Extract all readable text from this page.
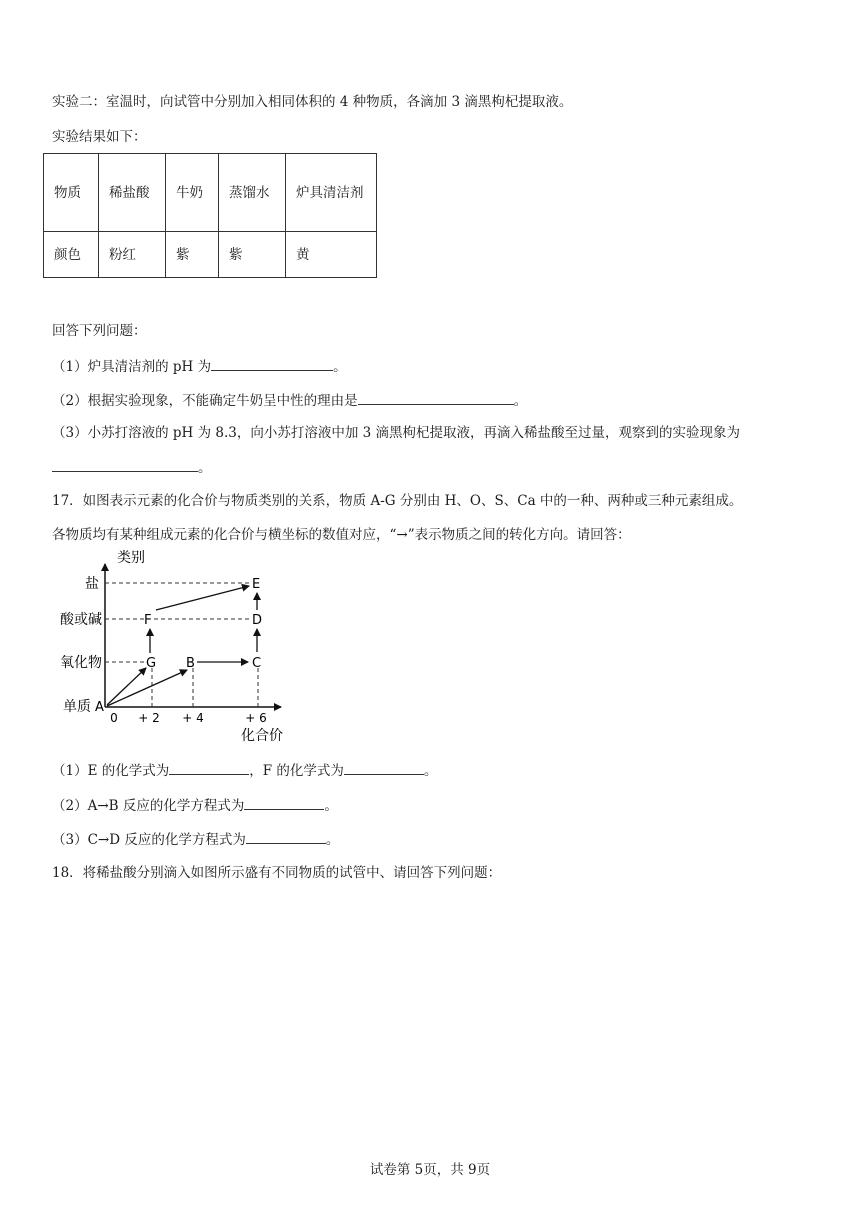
实验二：室温时，向试管中分别加入相同体积的 4 种物质，各滴加 3 滴黑枸杞提取液。
实验结果如下：
物质	稀盐酸	牛奶	蒸馏水	炉具清洁剂
颜色	粉红	紫	紫	黄
回答下列问题：
（1）炉具清洁剂的 pH 为	。
（2）根据实验现象，不能确定牛奶呈中性的理由是	。
（3）小苏打溶液的 pH 为 8.3，向小苏打溶液中加 3 滴黑枸杞提取液，再滴入稀盐酸至过量，观察到的实验现象为
。
17．如图表示元素的化合价与物质类别的关系，物质 A-G 分别由 H、O、S、Ca 中的一种、两种或三种元素组成。
各物质均有某种组成元素的化合价与横坐标的数值对应，“→”表示物质之间的转化方向。请回答：
类别
化合价
盐
酸或碱
氧化物
单质
0 + 2 + 4	+ 6
A
B	C
D
E
F
G
（1）E 的化学式为	，F 的化学式为	。
（2）A→B 反应的化学方程式为	。
（3）C→D 反应的化学方程式为	。
18．将稀盐酸分别滴入如图所示盛有不同物质的试管中、请回答下列问题：
试卷第 5页，共 9页
